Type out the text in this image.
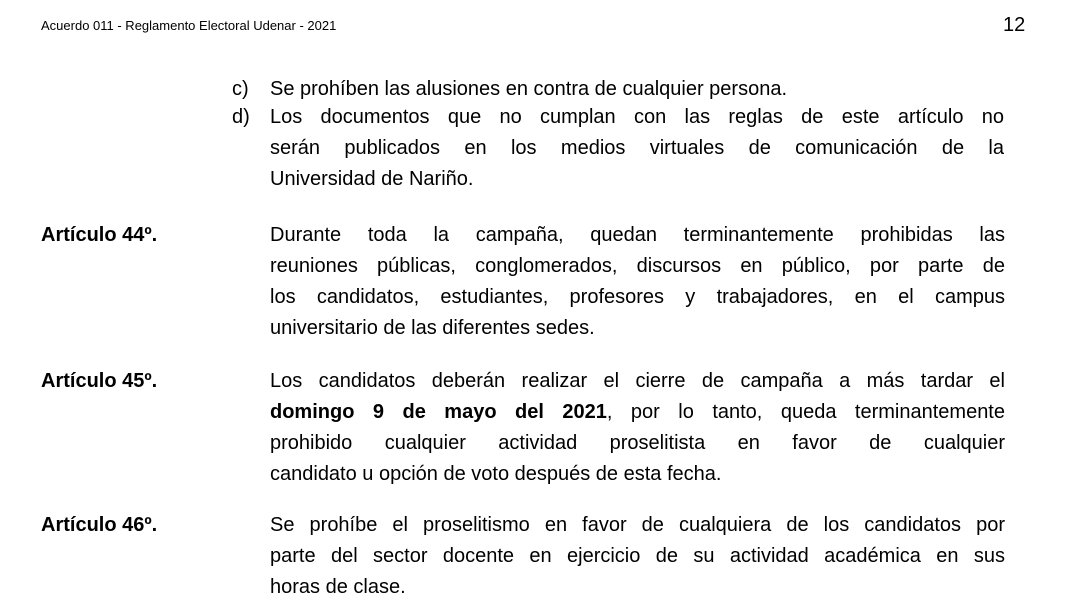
Acuerdo 011 - Reglamento Electoral Udenar - 2021	12
c)	Se prohíben las alusiones en contra de cualquier persona.
d)	Los documentos que no cumplan con las reglas de este artículo no
serán publicados en los medios virtuales de comunicación de la
Universidad de Nariño.
Artículo 44º.	Durante toda la campaña, quedan terminantemente prohibidas las
reuniones públicas, conglomerados, discursos en público, por parte de
los candidatos, estudiantes, profesores y trabajadores, en el campus
universitario de las diferentes sedes.
Artículo 45º.	Los candidatos deberán realizar el cierre de campaña a más tardar el
domingo 9 de mayo del 2021, por lo tanto, queda terminantemente
prohibido cualquier actividad proselitista en favor de cualquier
candidato u opción de voto después de esta fecha.
Artículo 46º.	Se prohíbe el proselitismo en favor de cualquiera de los candidatos por
parte del sector docente en ejercicio de su actividad académica en sus
horas de clase.
